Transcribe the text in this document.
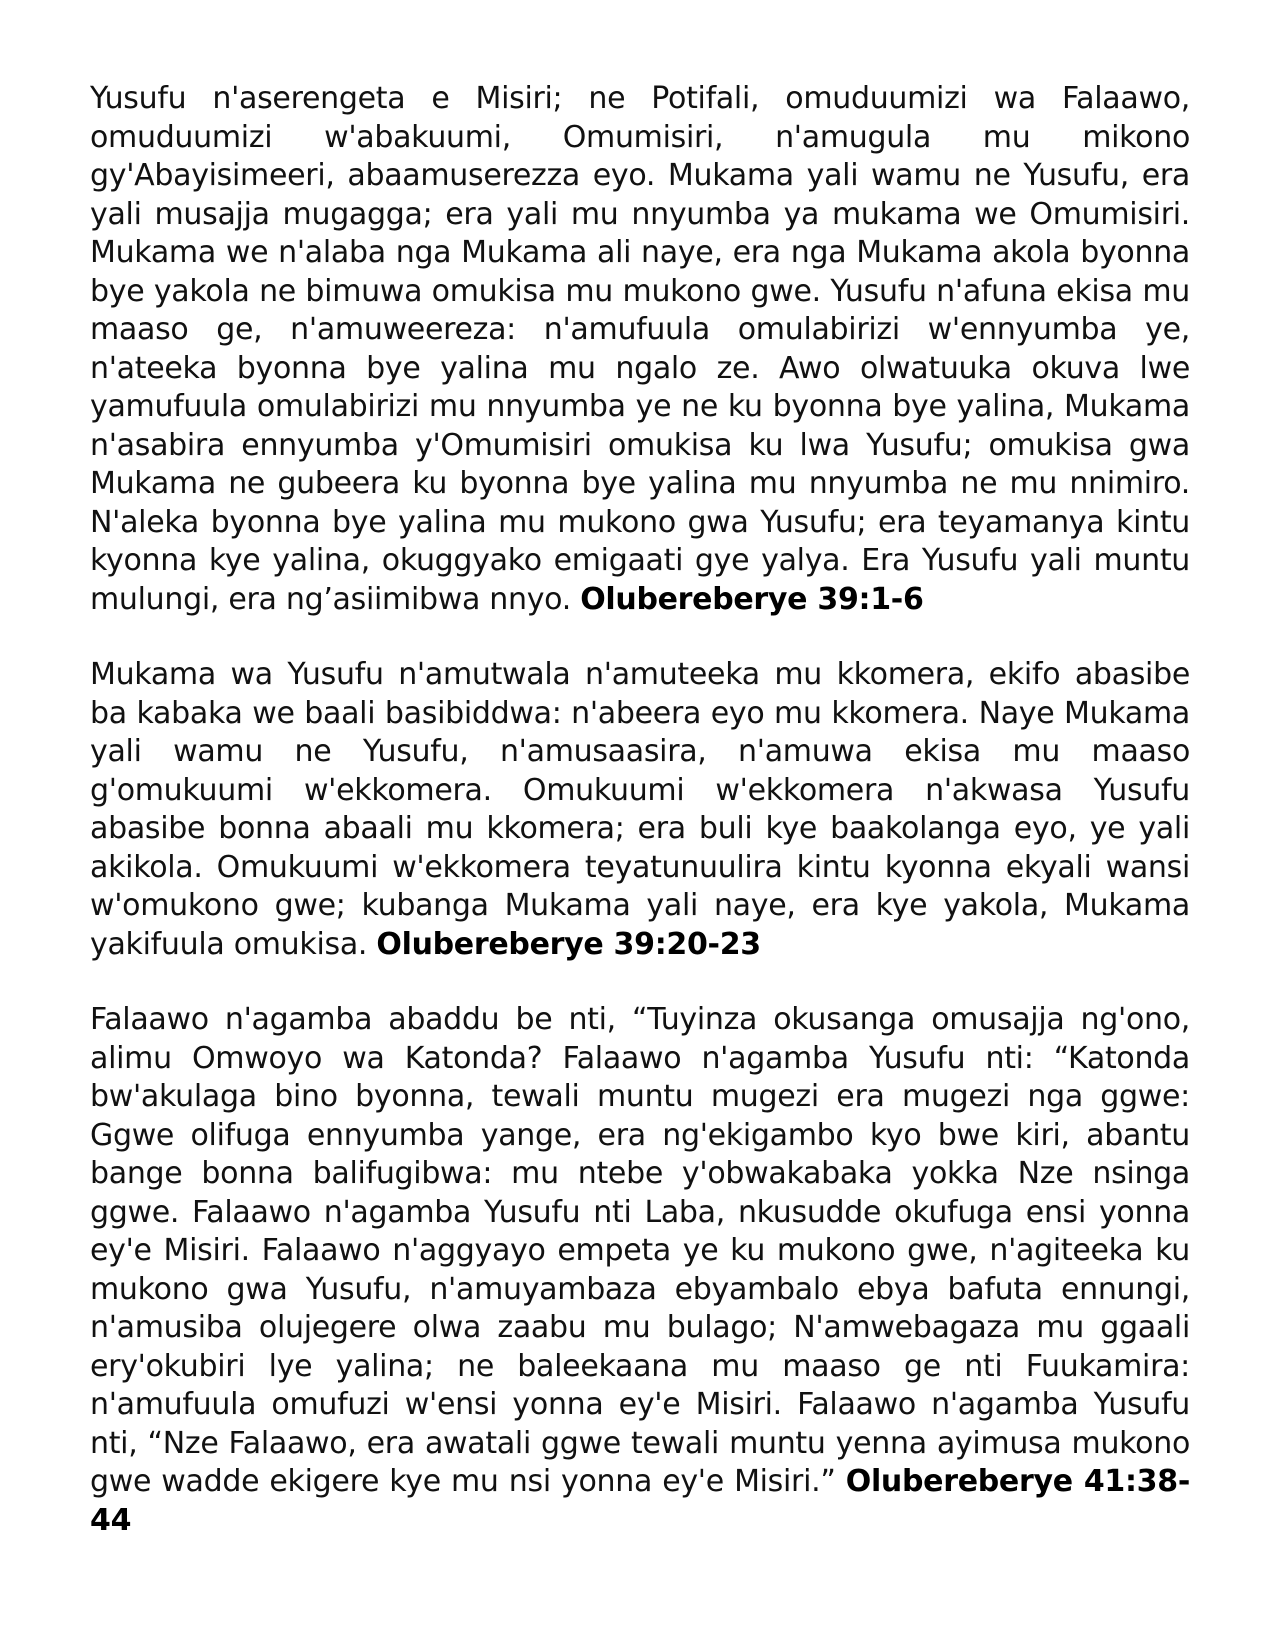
Yusufu n'aserengeta e Misiri; ne Potifali, omuduumizi wa Falaawo, omuduumizi w'abakuumi, Omumisiri, n'amugula mu mikono gy'Abayisimeeri, abaamuserezza eyo. Mukama yali wamu ne Yusufu, era yali musajja mugagga; era yali mu nnyumba ya mukama we Omumisiri. Mukama we n'alaba nga Mukama ali naye, era nga Mukama akola byonna bye yakola ne bimuwa omukisa mu mukono gwe. Yusufu n'afuna ekisa mu maaso ge, n'amuweereza: n'amufuula omulabirizi w'ennyumba ye, n'ateeka byonna bye yalina mu ngalo ze. Awo olwatuuka okuva lwe yamufuula omulabirizi mu nnyumba ye ne ku byonna bye yalina, Mukama n'asabira ennyumba y'Omumisiri omukisa ku lwa Yusufu; omukisa gwa Mukama ne gubeera ku byonna bye yalina mu nnyumba ne mu nnimiro. N'aleka byonna bye yalina mu mukono gwa Yusufu; era teyamanya kintu kyonna kye yalina, okuggyako emigaati gye yalya. Era Yusufu yali muntu mulungi, era ng’asiimibwa nnyo. Olubereberye 39:1-6

Mukama wa Yusufu n'amutwala n'amuteeka mu kkomera, ekifo abasibe ba kabaka we baali basibiddwa: n'abeera eyo mu kkomera. Naye Mukama yali wamu ne Yusufu, n'amusaasira, n'amuwa ekisa mu maaso g'omukuumi w'ekkomera. Omukuumi w'ekkomera n'akwasa Yusufu abasibe bonna abaali mu kkomera; era buli kye baakolanga eyo, ye yali akikola. Omukuumi w'ekkomera teyatunuulira kintu kyonna ekyali wansi w'omukono gwe; kubanga Mukama yali naye, era kye yakola, Mukama yakifuula omukisa. Olubereberye 39:20-23

Falaawo n'agamba abaddu be nti, “Tuyinza okusanga omusajja ng'ono, alimu Omwoyo wa Katonda? Falaawo n'agamba Yusufu nti: “Katonda bw'akulaga bino byonna, tewali muntu mugezi era mugezi nga ggwe: Ggwe olifuga ennyumba yange, era ng'ekigambo kyo bwe kiri, abantu bange bonna balifugibwa: mu ntebe y'obwakabaka yokka Nze nsinga ggwe. Falaawo n'agamba Yusufu nti Laba, nkusudde okufuga ensi yonna ey'e Misiri. Falaawo n'aggyayo empeta ye ku mukono gwe, n'agiteeka ku mukono gwa Yusufu, n'amuyambaza ebyambalo ebya bafuta ennungi, n'amusiba olujegere olwa zaabu mu bulago; N'amwebagaza mu ggaali ery'okubiri lye yalina; ne baleekaana mu maaso ge nti Fuukamira: n'amufuula omufuzi w'ensi yonna ey'e Misiri. Falaawo n'agamba Yusufu nti, “Nze Falaawo, era awatali ggwe tewali muntu yenna ayimusa mukono gwe wadde ekigere kye mu nsi yonna ey'e Misiri.” Olubereberye 41:38-44
